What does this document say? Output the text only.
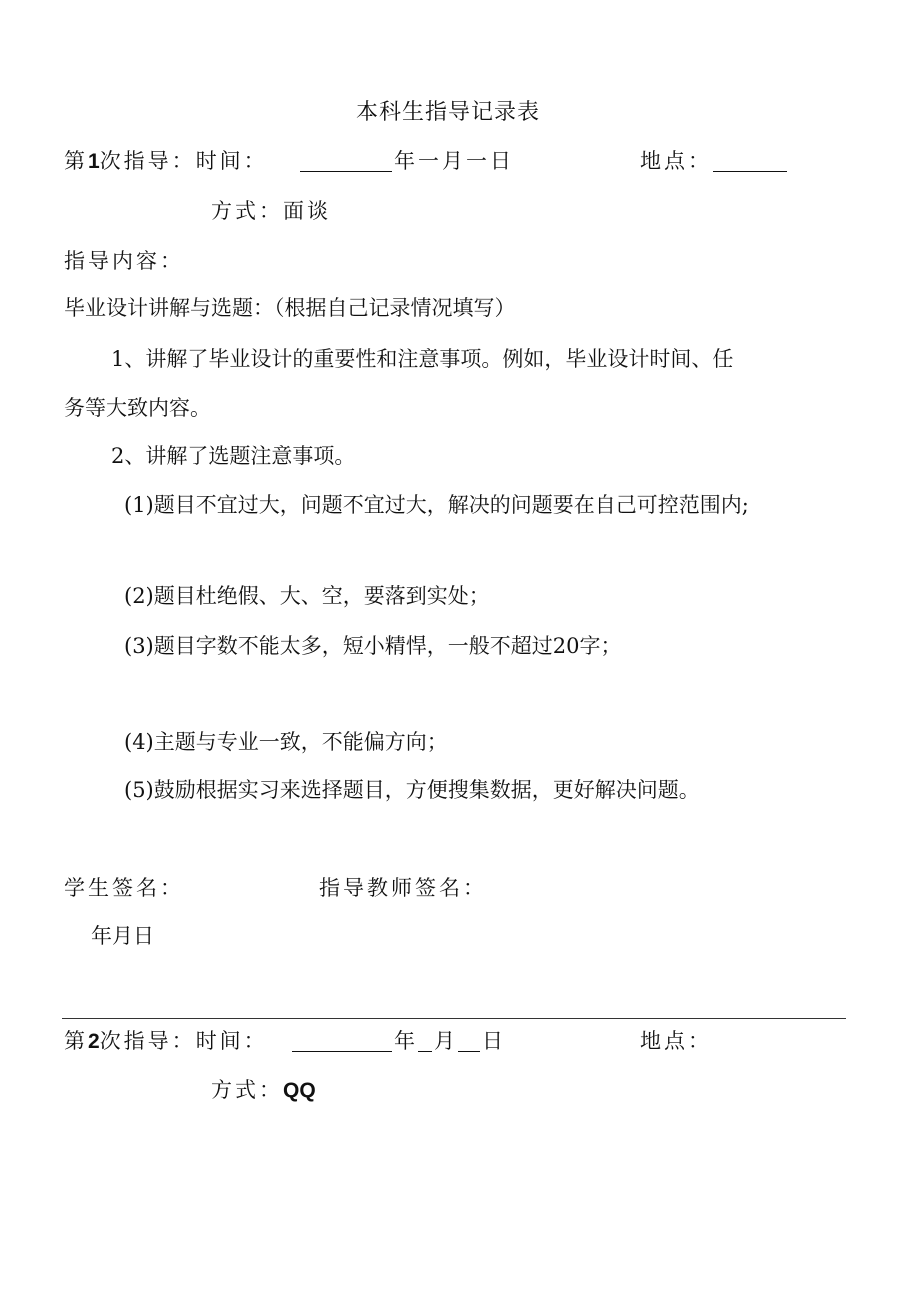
本科生指导记录表
第1次指导：时间：	年一月一日	地点：
方式：面谈
指导内容：
毕业设计讲解与选题：（根据自己记录情况填写）
1、讲解了毕业设计的重要性和注意事项。例如，毕业设计时间、任
务等大致内容。
2、讲解了选题注意事项。
(1)题目不宜过大，问题不宜过大，解决的问题要在自己可控范围内;
(2)题目杜绝假、大、空，要落到实处；
(3)题目字数不能太多，短小精悍，一般不超过20字；
(4)主题与专业一致，不能偏方向；
(5)鼓励根据实习来选择题目，方便搜集数据，更好解决问题。
学生签名：	指导教师签名：
年月日
第2次指导：时间：	年 月 日	地点：
方式：QQ
